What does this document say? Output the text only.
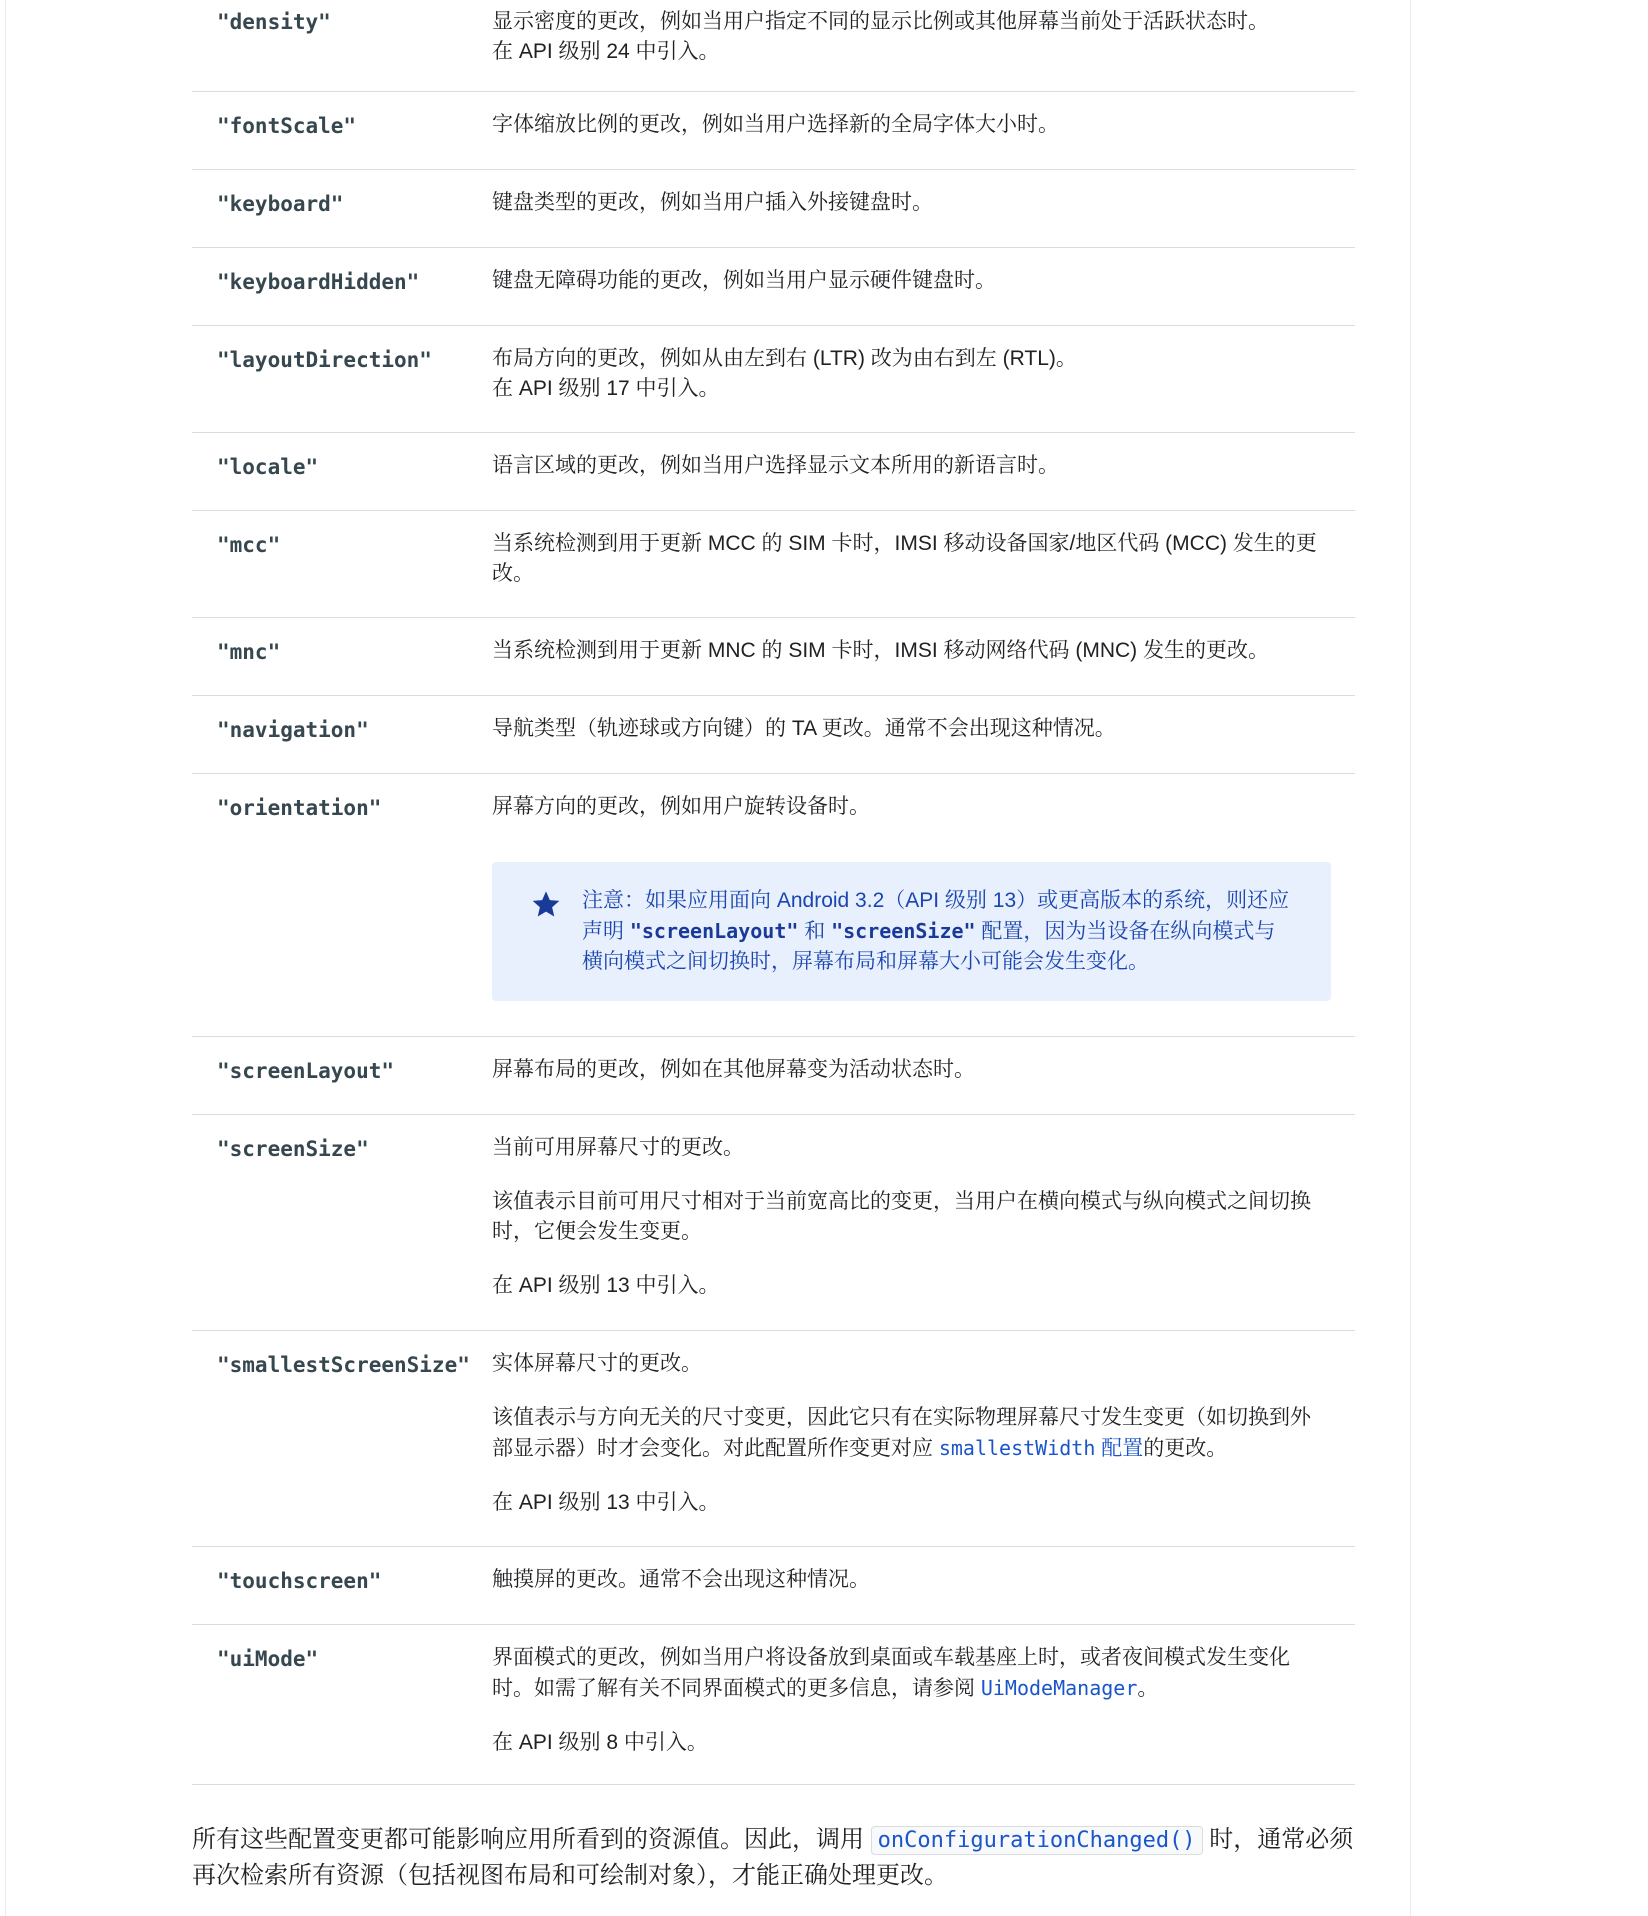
"density"	显示密度的更改，例如当用户指定不同的显示比例或其他屏幕当前处于活跃状态时。
在 API 级别 24 中引入。

"fontScale"	字体缩放比例的更改，例如当用户选择新的全局字体大小时。

"keyboard"	键盘类型的更改，例如当用户插入外接键盘时。

"keyboardHidden"	键盘无障碍功能的更改，例如当用户显示硬件键盘时。

"layoutDirection"	布局方向的更改，例如从由左到右 (LTR) 改为由右到左 (RTL)。
在 API 级别 17 中引入。

"locale"	语言区域的更改，例如当用户选择显示文本所用的新语言时。

"mcc"	当系统检测到用于更新 MCC 的 SIM 卡时，IMSI 移动设备国家/地区代码 (MCC) 发生的更改。

"mnc"	当系统检测到用于更新 MNC 的 SIM 卡时，IMSI 移动网络代码 (MNC) 发生的更改。

"navigation"	导航类型（轨迹球或方向键）的 TA 更改。通常不会出现这种情况。

"orientation"	屏幕方向的更改，例如用户旋转设备时。

注意：如果应用面向 Android 3.2（API 级别 13）或更高版本的系统，则还应声明 "screenLayout" 和 "screenSize" 配置，因为当设备在纵向模式与横向模式之间切换时，屏幕布局和屏幕大小可能会发生变化。
"screenLayout"	屏幕布局的更改，例如在其他屏幕变为活动状态时。

"screenSize"	当前可用屏幕尺寸的更改。

该值表示目前可用尺寸相对于当前宽高比的变更，当用户在横向模式与纵向模式之间切换时，它便会发生变更。

在 API 级别 13 中引入。

"smallestScreenSize"	实体屏幕尺寸的更改。

该值表示与方向无关的尺寸变更，因此它只有在实际物理屏幕尺寸发生变更（如切换到外部显示器）时才会变化。对此配置所作变更对应 smallestWidth 配置的更改。

在 API 级别 13 中引入。

"touchscreen"	触摸屏的更改。通常不会出现这种情况。

"uiMode"	界面模式的更改，例如当用户将设备放到桌面或车载基座上时，或者夜间模式发生变化时。如需了解有关不同界面模式的更多信息，请参阅 UiModeManager。

在 API 级别 8 中引入。

所有这些配置变更都可能影响应用所看到的资源值。因此，调用 onConfigurationChanged() 时，通常必须再次检索所有资源（包括视图布局和可绘制对象），才能正确处理更改。
